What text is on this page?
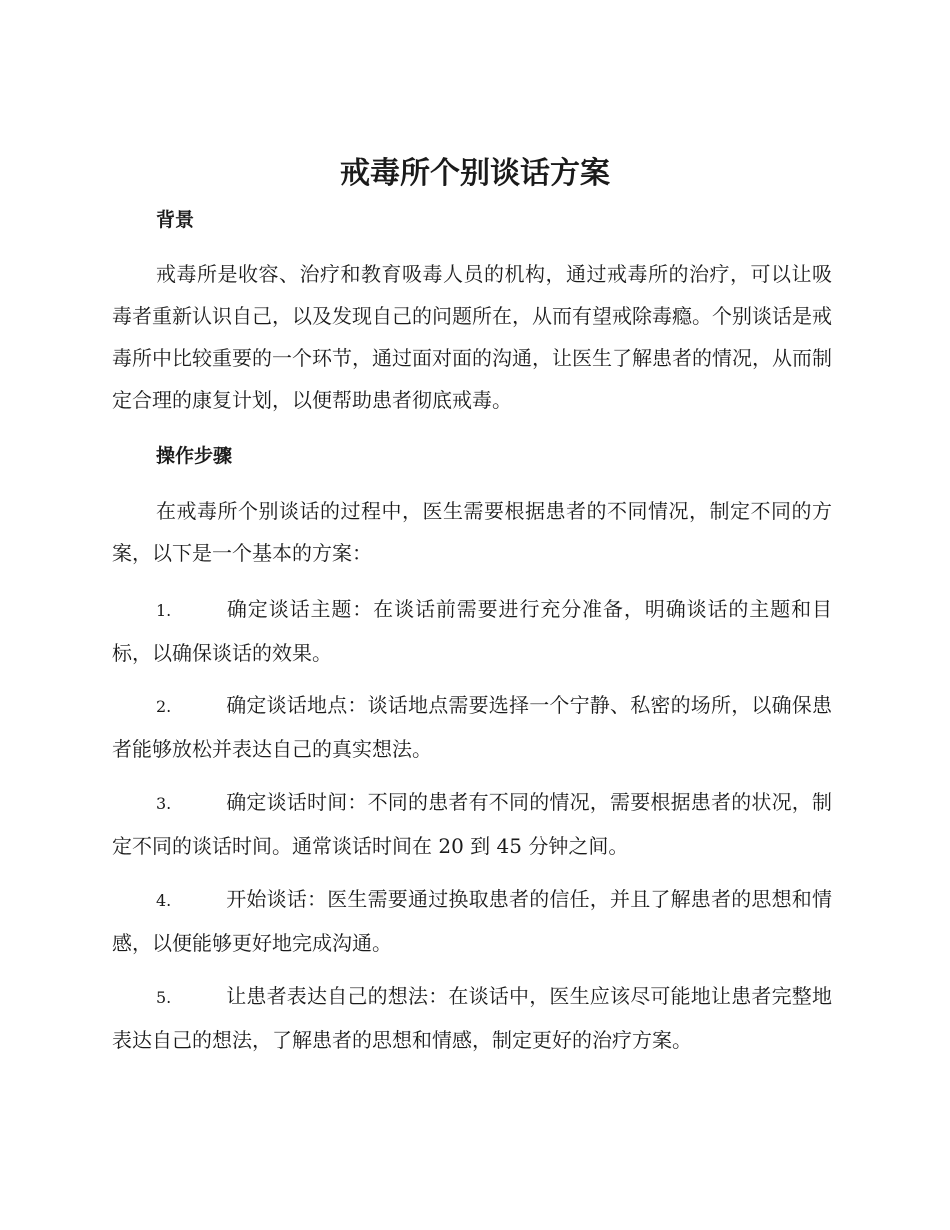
戒毒所个别谈话方案
背景

戒毒所是收容、治疗和教育吸毒人员的机构，通过戒毒所的治疗，可以让吸毒者重新认识自己，以及发现自己的问题所在，从而有望戒除毒瘾。个别谈话是戒毒所中比较重要的一个环节，通过面对面的沟通，让医生了解患者的情况，从而制定合理的康复计划，以便帮助患者彻底戒毒。

操作步骤

在戒毒所个别谈话的过程中，医生需要根据患者的不同情况，制定不同的方案，以下是一个基本的方案：

1.	确定谈话主题：在谈话前需要进行充分准备，明确谈话的主题和目标，以确保谈话的效果。

2.	确定谈话地点：谈话地点需要选择一个宁静、私密的场所，以确保患者能够放松并表达自己的真实想法。

3.	确定谈话时间：不同的患者有不同的情况，需要根据患者的状况，制定不同的谈话时间。通常谈话时间在 20 到 45 分钟之间。

4.	开始谈话：医生需要通过换取患者的信任，并且了解患者的思想和情感，以便能够更好地完成沟通。

5.	让患者表达自己的想法：在谈话中，医生应该尽可能地让患者完整地表达自己的想法，了解患者的思想和情感，制定更好的治疗方案。
